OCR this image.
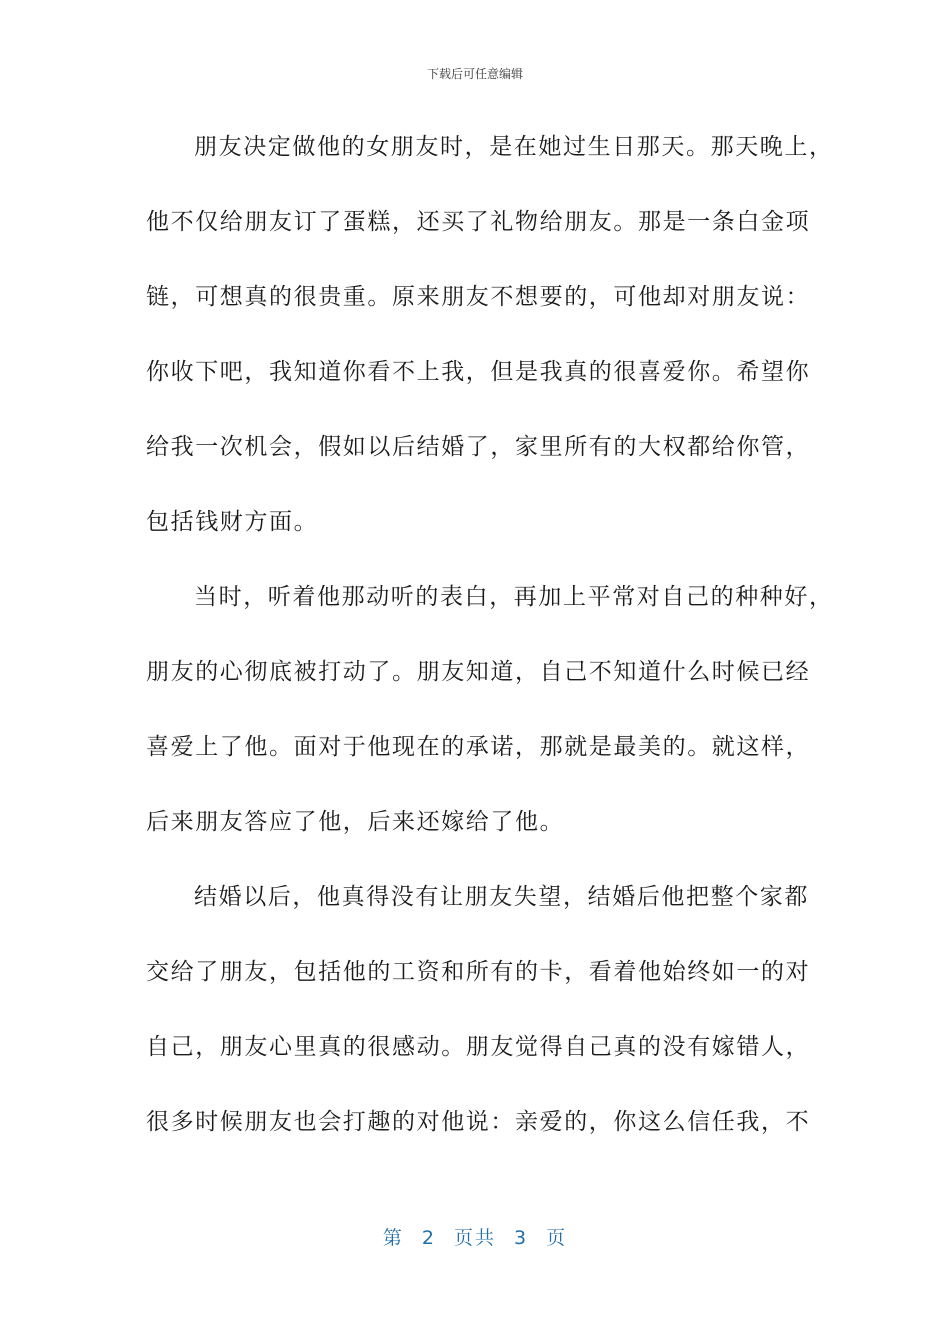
下载后可任意编辑
朋友决定做他的女朋友时，是在她过生日那天。那天晚上，
他不仅给朋友订了蛋糕，还买了礼物给朋友。那是一条白金项
链，可想真的很贵重。原来朋友不想要的，可他却对朋友说：
你收下吧，我知道你看不上我，但是我真的很喜爱你。希望你
给我一次机会，假如以后结婚了，家里所有的大权都给你管，
包括钱财方面。
当时，听着他那动听的表白，再加上平常对自己的种种好，
朋友的心彻底被打动了。朋友知道，自己不知道什么时候已经
喜爱上了他。面对于他现在的承诺，那就是最美的。就这样，
后来朋友答应了他，后来还嫁给了他。
结婚以后，他真得没有让朋友失望，结婚后他把整个家都
交给了朋友，包括他的工资和所有的卡，看着他始终如一的对
自己，朋友心里真的很感动。朋友觉得自己真的没有嫁错人，
很多时候朋友也会打趣的对他说：亲爱的，你这么信任我，不
第 2 页共 3 页
